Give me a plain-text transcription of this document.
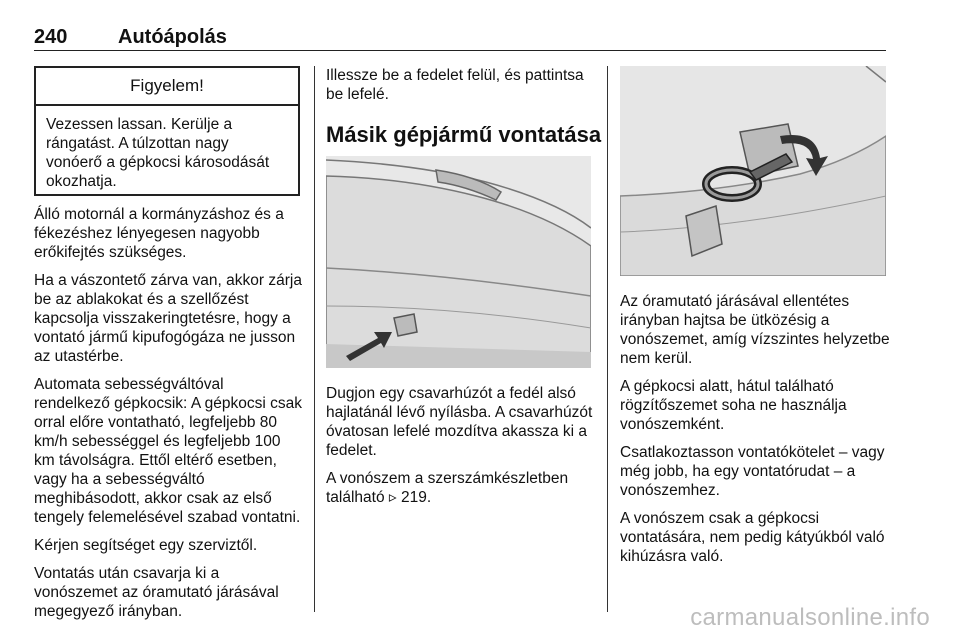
240	Autóápolás
Figyelem!
Vezessen lassan. Kerülje a rángatást. A túlzottan nagy vonóerő a gépkocsi károsodását okozhatja.

Álló motornál a kormányzáshoz és a fékezéshez lényegesen nagyobb erőkifejtés szükséges.

Ha a vászontető zárva van, akkor zárja be az ablakokat és a szellőzést kapcsolja visszakeringtetésre, hogy a vontató jármű kipufogógáza ne jusson az utastérbe.

Automata sebességváltóval rendelkező gépkocsik: A gépkocsi csak orral előre vontatható, legfeljebb 80 km/h sebességgel és legfeljebb 100 km távolságra. Ettől eltérő esetben, vagy ha a sebességváltó meghibásodott, akkor csak az első tengely felemelésével szabad vontatni.

Kérjen segítséget egy szerviztől.

Vontatás után csavarja ki a vonószemet az óramutató járásával megegyező irányban.

Illessze be a fedelet felül, és pattintsa be lefelé.

Másik gépjármű vontatása

Dugjon egy csavarhúzót a fedél alsó hajlatánál lévő nyílásba. A csavarhúzót óvatosan lefelé mozdítva akassza ki a fedelet.

A vonószem a szerszámkészletben található ▹ 219.

Az óramutató járásával ellentétes irányban hajtsa be ütközésig a vonószemet, amíg vízszintes helyzetbe nem kerül.

A gépkocsi alatt, hátul található rögzítőszemet soha ne használja vonószemként.

Csatlakoztasson vontatókötelet – vagy még jobb, ha egy vontatórudat – a vonószemhez.

A vonószem csak a gépkocsi vontatására, nem pedig kátyúkból való kihúzásra való.

carmanualsonline.info
